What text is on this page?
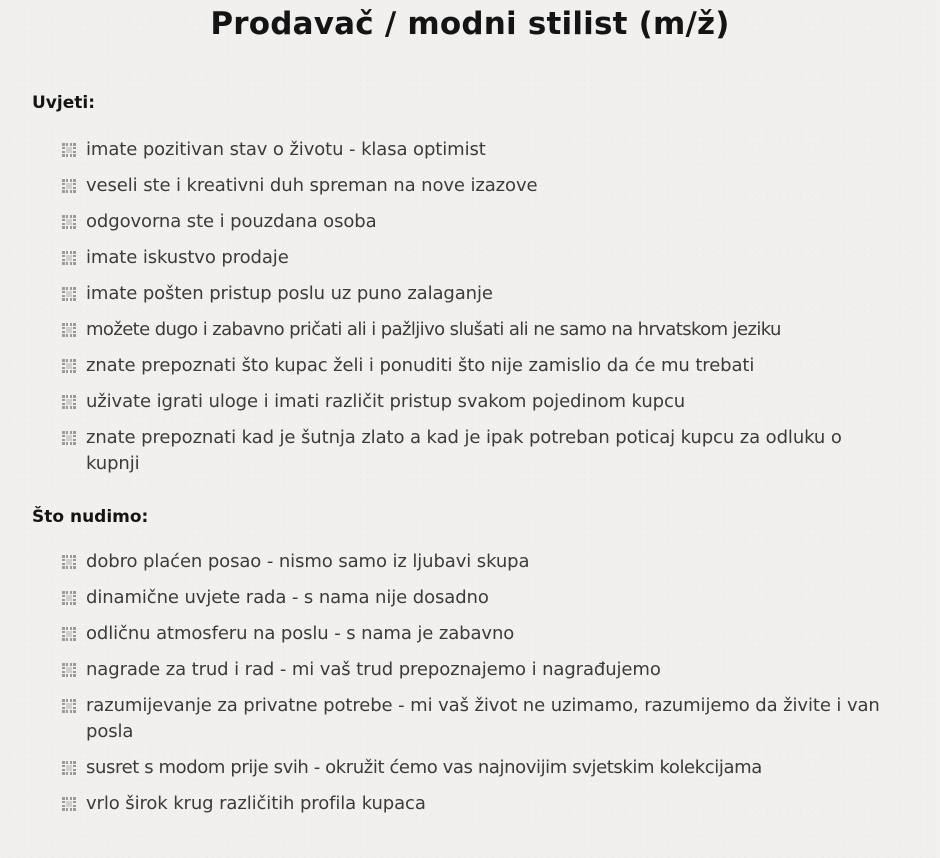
Prodavač / modni stilist (m/ž)
Uvjeti:
imate pozitivan stav o životu - klasa optimist
veseli ste i kreativni duh spreman na nove izazove
odgovorna ste i pouzdana osoba
imate iskustvo prodaje
imate pošten pristup poslu uz puno zalaganje
možete dugo i zabavno pričati ali i pažljivo slušati ali ne samo na hrvatskom jeziku
znate prepoznati što kupac želi i ponuditi što nije zamislio da će mu trebati
uživate igrati uloge i imati različit pristup svakom pojedinom kupcu
znate prepoznati kad je šutnja zlato a kad je ipak potreban poticaj kupcu za odluku o kupnji
Što nudimo:
dobro plaćen posao - nismo samo iz ljubavi skupa
dinamične uvjete rada - s nama nije dosadno
odličnu atmosferu na poslu - s nama je zabavno
nagrade za trud i rad - mi vaš trud prepoznajemo i nagrađujemo
razumijevanje za privatne potrebe - mi vaš život ne uzimamo, razumijemo da živite i van posla
susret s modom prije svih - okružit ćemo vas najnovijim svjetskim kolekcijama
vrlo širok krug različitih profila kupaca
